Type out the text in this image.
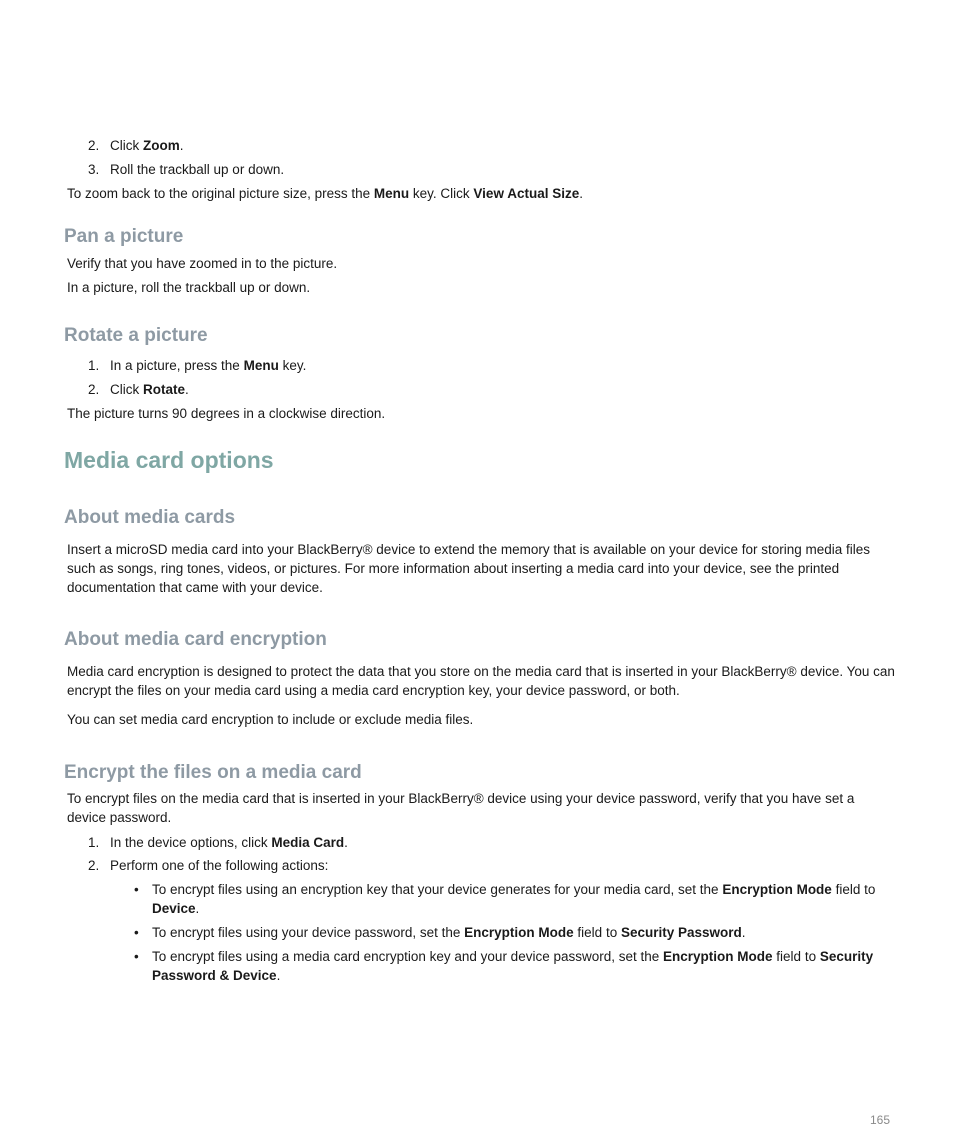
2. Click Zoom.
3. Roll the trackball up or down.
To zoom back to the original picture size, press the Menu key. Click View Actual Size.
Pan a picture
Verify that you have zoomed in to the picture.
In a picture, roll the trackball up or down.
Rotate a picture
1. In a picture, press the Menu key.
2. Click Rotate.
The picture turns 90 degrees in a clockwise direction.
Media card options
About media cards
Insert a microSD media card into your BlackBerry® device to extend the memory that is available on your device for storing media files such as songs, ring tones, videos, or pictures. For more information about inserting a media card into your device, see the printed documentation that came with your device.
About media card encryption
Media card encryption is designed to protect the data that you store on the media card that is inserted in your BlackBerry® device. You can encrypt the files on your media card using a media card encryption key, your device password, or both.
You can set media card encryption to include or exclude media files.
Encrypt the files on a media card
To encrypt files on the media card that is inserted in your BlackBerry® device using your device password, verify that you have set a device password.
1. In the device options, click Media Card.
2. Perform one of the following actions:
• To encrypt files using an encryption key that your device generates for your media card, set the Encryption Mode field to Device.
• To encrypt files using your device password, set the Encryption Mode field to Security Password.
• To encrypt files using a media card encryption key and your device password, set the Encryption Mode field to Security Password & Device.
165
